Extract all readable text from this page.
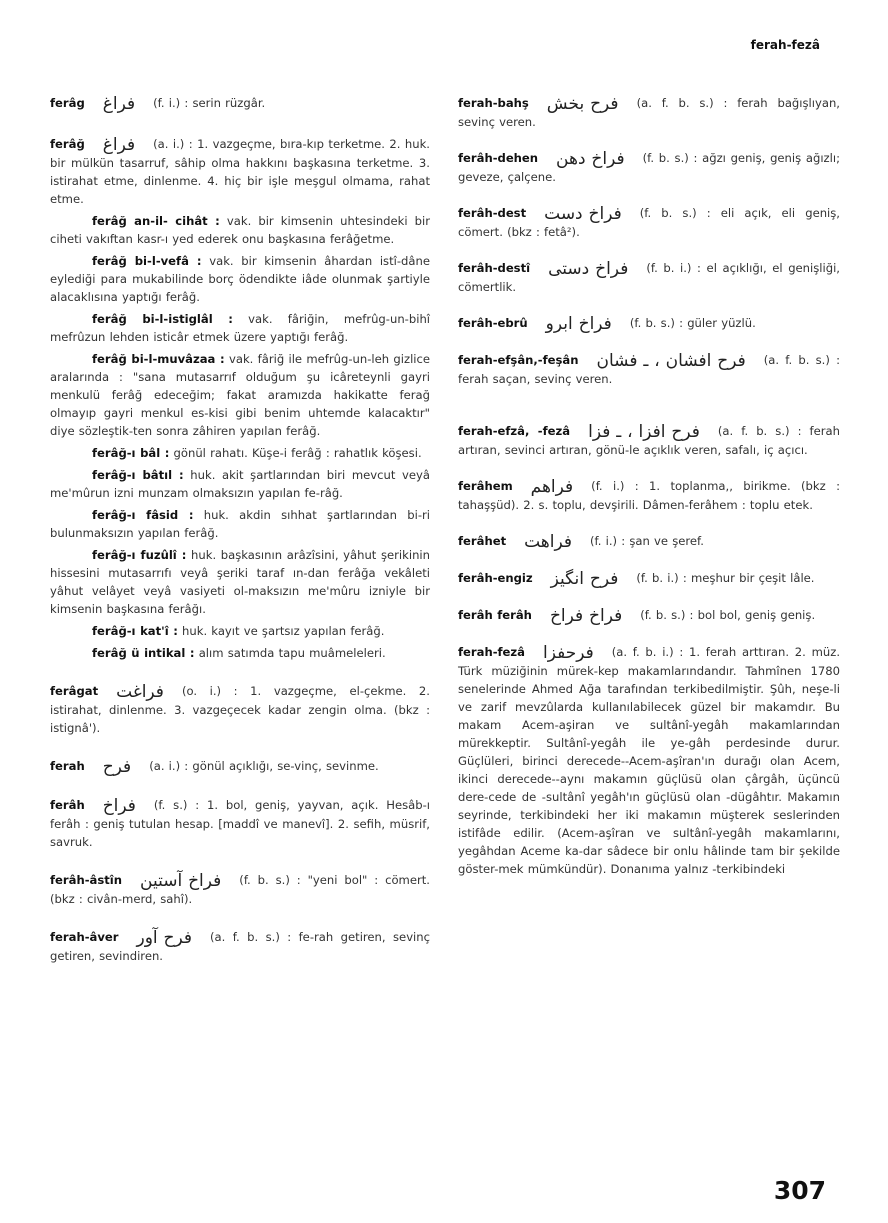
ferah-fezâ

ferâg فراغ (f. i.) : serin rüzgâr.

ferâğ فراغ (a. i.) : 1. vazgeçme, bıra-kıp terketme. 2. huk. bir mülkün tasarruf, sâhip olma hakkını başkasına terketme. 3. istirahat etme, dinlenme. 4. hiç bir işle meşgul olmama, rahat etme.

ferâğ an-il- cihât : vak. bir kimsenin uhtesindeki bir ciheti vakıftan kasr-ı yed ederek onu başkasına ferâğetme.

ferâğ bi-l-vefâ : vak. bir kimsenin âhardan istî-dâne eylediği para mukabilinde borç ödendikte iâde olunmak şartiyle alacaklısına yaptığı ferâğ.

ferâğ bi-l-istiglâl : vak. fâriğin, mefrûg-un-bihî mefrûzun lehden isticâr etmek üzere yaptığı ferâğ.

ferâğ bi-l-muvâzaa : vak. fâriğ ile mefrûg-un-leh gizlice aralarında : "sana mutasarrıf olduğum şu icâreteynli gayri menkulü ferâğ edeceğim; fakat aramızda hakikatte ferağ olmayıp gayri menkul es-kisi gibi benim uhtemde kalacaktır" diye sözleştik-ten sonra zâhiren yapılan ferâğ.

ferâğ-ı bâl : gönül rahatı. Küşe-i ferâğ : rahatlık köşesi.

ferâğ-ı bâtıl : huk. akit şartlarından biri mevcut veyâ me'mûrun izni munzam olmaksızın yapılan fe-râğ.

ferâğ-ı fâsid : huk. akdin sıhhat şartlarından bi-ri bulunmaksızın yapılan ferâğ.

ferâğ-ı fuzûlî : huk. başkasının arâzîsini, yâhut şerikinin hissesini mutasarrıfı veyâ şeriki taraf ın-dan ferâğa vekâleti yâhut velâyet veyâ vasiyeti ol-maksızın me'mûru izniyle bir kimsenin başkasına ferâğı.

ferâğ-ı kat'î : huk. kayıt ve şartsız yapılan ferâğ.

ferâğ ü intikal : alım satımda tapu muâmeleleri.

ferâgat فراغت (o. i.) : 1. vazgeçme, el-çekme. 2. istirahat, dinlenme. 3. vazgeçecek kadar zengin olma. (bkz : istignâ').

ferah فرح (a. i.) : gönül açıklığı, se-vinç, sevinme.

ferâh فراخ (f. s.) : 1. bol, geniş, yayvan, açık. Hesâb-ı ferâh : geniş tutulan hesap. [maddî ve manevî]. 2. sefih, müsrif, savruk.

ferâh-âstîn فراخ آستين (f. b. s.) : "yeni bol" : cömert. (bkz : civân-merd, sahî).

ferah-âver فرح آور (a. f. b. s.) : fe-rah getiren, sevinç getiren, sevindiren.

ferah-bahş فرح بخش (a. f. b. s.) : ferah bağışlıyan, sevinç veren.

ferâh-dehen فراخ دهن (f. b. s.) : ağzı geniş, geniş ağızlı; geveze, çalçene.

ferâh-dest فراخ دست (f. b. s.) : eli açık, eli geniş, cömert. (bkz : fetâ²).

ferâh-destî فراخ دستى (f. b. i.) : el açıklığı, el genişliği, cömertlik.

ferâh-ebrû فراخ ابرو (f. b. s.) : güler yüzlü.

ferah-efşân,-feşân فرح افشان ، ـ فشان (a. f. b. s.) : ferah saçan, sevinç veren.

ferah-efzâ, -fezâ فرح افزا ، ـ فزا (a. f. b. s.) : ferah artıran, sevinci artıran, gönü-le açıklık veren, safalı, iç açıcı.

ferâhem فراهم (f. i.) : 1. toplanma,, birikme. (bkz : tahaşşüd). 2. s. toplu, devşirili. Dâmen-ferâhem : toplu etek.

ferâhet فراهت (f. i.) : şan ve şeref.

ferâh-engiz فرح انگيز (f. b. i.) : meşhur bir çeşit lâle.

ferâh ferâh فراخ فراخ (f. b. s.) : bol bol, geniş geniş.

ferah-fezâ فرحفزا (a. f. b. i.) : 1. ferah arttıran. 2. müz. Türk müziğinin mürek-kep makamlarındandır. Tahmînen 1780 senelerinde Ahmed Ağa tarafından terkibedilmiştir. Şûh, neşe-li ve zarif mevzûlarda kullanılabilecek güzel bir makamdır. Bu makam Acem-aşiran ve sultânî-yegâh makamlarından mürekkeptir. Sultânî-yegâh ile ye-gâh perdesinde durur. Güçlüleri, birinci derecede--Acem-aşîran'ın durağı olan Acem, ikinci derecede--aynı makamın güçlüsü olan çârgâh, üçüncü dere-cede de -sultânî yegâh'ın güçlüsü olan -dügâhtır. Makamın seyrinde, terkibindeki her iki makamın müşterek seslerinden istifâde edilir. (Acem-aşîran ve sultânî-yegâh makamlarını, yegâhdan Aceme ka-dar sâdece bir onlu hâlinde tam bir şekilde göster-mek mümkündür). Donanıma yalnız -terkibindeki

307
